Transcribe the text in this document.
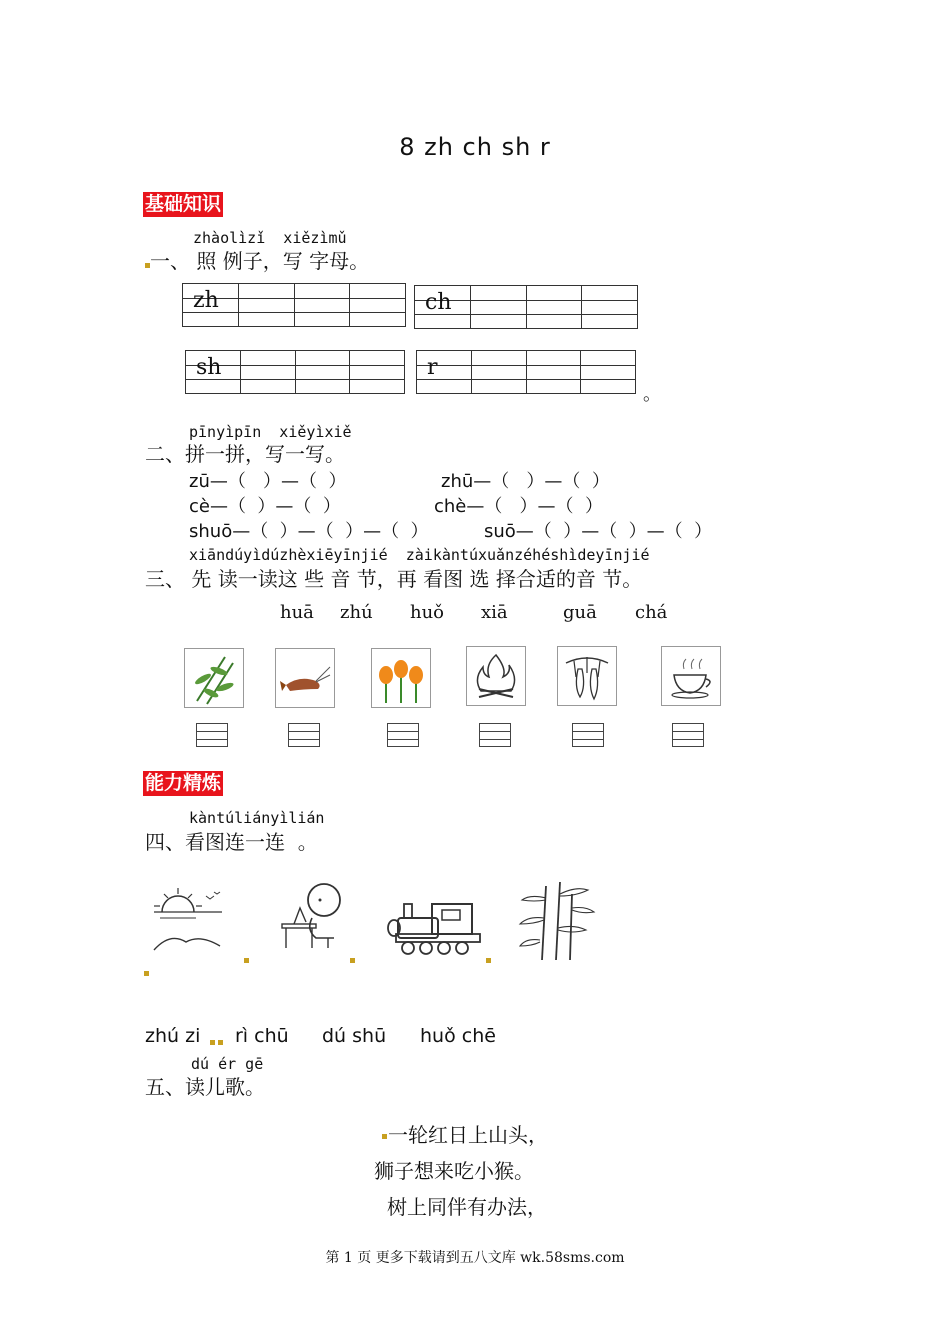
8 zh ch sh r
基础知识
zhàolìzǐ  xiězìmǔ
一、 照 例子，写 字母。
zh	ch
sh	r
。
pīnyìpīn  xiěyìxiě
二、拼一拼，写一写。
zū—（   ）—（  ）	zhū—（   ）—（  ）
cè—（  ）—（  ）	chè—（   ）—（  ）
shuō—（  ）—（  ）—（  ）	suō—（  ）—（  ）—（  ）
xiāndúyìdúzhèxiēyīnjié  zàikàntúxuǎnzéhéshìdeyīnjié
三、 先 读一读这 些 音 节，再 看图 选 择合适的音 节。
huā zhú huǒ xiā	guā chá
能力精炼
kàntúliányìlián
四、看图连一连  。
zhú zi rì chū dú shū huǒ chē
dú ér gē
五、读儿歌。
一轮红日上山头，
狮子想来吃小猴。
树上同伴有办法，
第 1 页 更多下载请到五八文库 wk.58sms.com
